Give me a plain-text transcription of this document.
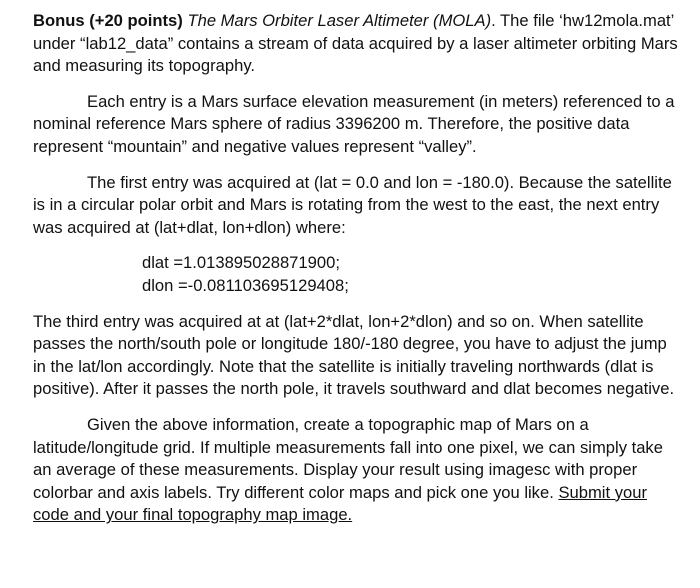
Bonus (+20 points) The Mars Orbiter Laser Altimeter (MOLA). The file ‘hw12mola.mat’ under “lab12_data” contains a stream of data acquired by a laser altimeter orbiting Mars and measuring its topography.

Each entry is a Mars surface elevation measurement (in meters) referenced to a nominal reference Mars sphere of radius 3396200 m. Therefore, the positive data represent “mountain” and negative values represent “valley”.

The first entry was acquired at (lat = 0.0 and lon = -180.0). Because the satellite is in a circular polar orbit and Mars is rotating from the west to the east, the next entry was acquired at (lat+dlat, lon+dlon) where:

dlat =1.013895028871900;
dlon =-0.081103695129408;

The third entry was acquired at at (lat+2*dlat, lon+2*dlon) and so on. When satellite passes the north/south pole or longitude 180/-180 degree, you have to adjust the jump in the lat/lon accordingly. Note that the satellite is initially traveling northwards (dlat is positive). After it passes the north pole, it travels southward and dlat becomes negative.

Given the above information, create a topographic map of Mars on a latitude/longitude grid. If multiple measurements fall into one pixel, we can simply take an average of these measurements. Display your result using imagesc with proper colorbar and axis labels. Try different color maps and pick one you like. Submit your code and your final topography map image.
